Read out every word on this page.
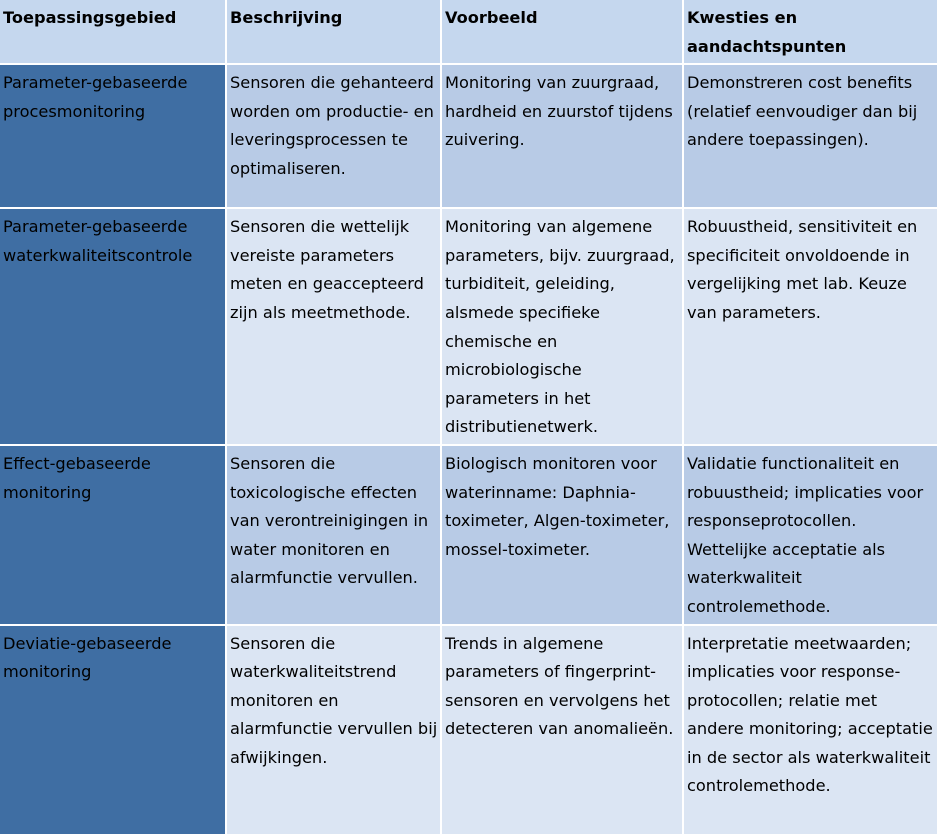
Toepassingsgebied	Beschrijving	Voorbeeld	Kwesties en aandachtspunten
Parameter-gebaseerde procesmonitoring	Sensoren die gehanteerd worden om productie- en leveringsprocessen te optimaliseren.	Monitoring van zuurgraad, hardheid en zuurstof tijdens zuivering.	Demonstreren cost benefits (relatief eenvoudiger dan bij andere toepassingen).
Parameter-gebaseerde waterkwaliteitscontrole	Sensoren die wettelijk vereiste parameters meten en geaccepteerd zijn als meetmethode.	Monitoring van algemene parameters, bijv. zuurgraad, turbiditeit, geleiding, alsmede specifieke chemische en microbiologische parameters in het distributienetwerk.	Robuustheid, sensitiviteit en specificiteit onvoldoende in vergelijking met lab. Keuze van parameters.
Effect-gebaseerde monitoring	Sensoren die toxicologische effecten van verontreinigingen in water monitoren en alarmfunctie vervullen.	Biologisch monitoren voor waterinname: Daphnia-toximeter, Algen-toximeter, mossel-toximeter.	Validatie functionaliteit en robuustheid; implicaties voor responseprotocollen. Wettelijke acceptatie als waterkwaliteit controlemethode.
Deviatie-gebaseerde monitoring	Sensoren die waterkwaliteitstrend monitoren en alarmfunctie vervullen bij afwijkingen.	Trends in algemene parameters of fingerprint-sensoren en vervolgens het detecteren van anomalieën.	Interpretatie meetwaarden; implicaties voor response-protocollen; relatie met andere monitoring; acceptatie in de sector als waterkwaliteit controlemethode.
